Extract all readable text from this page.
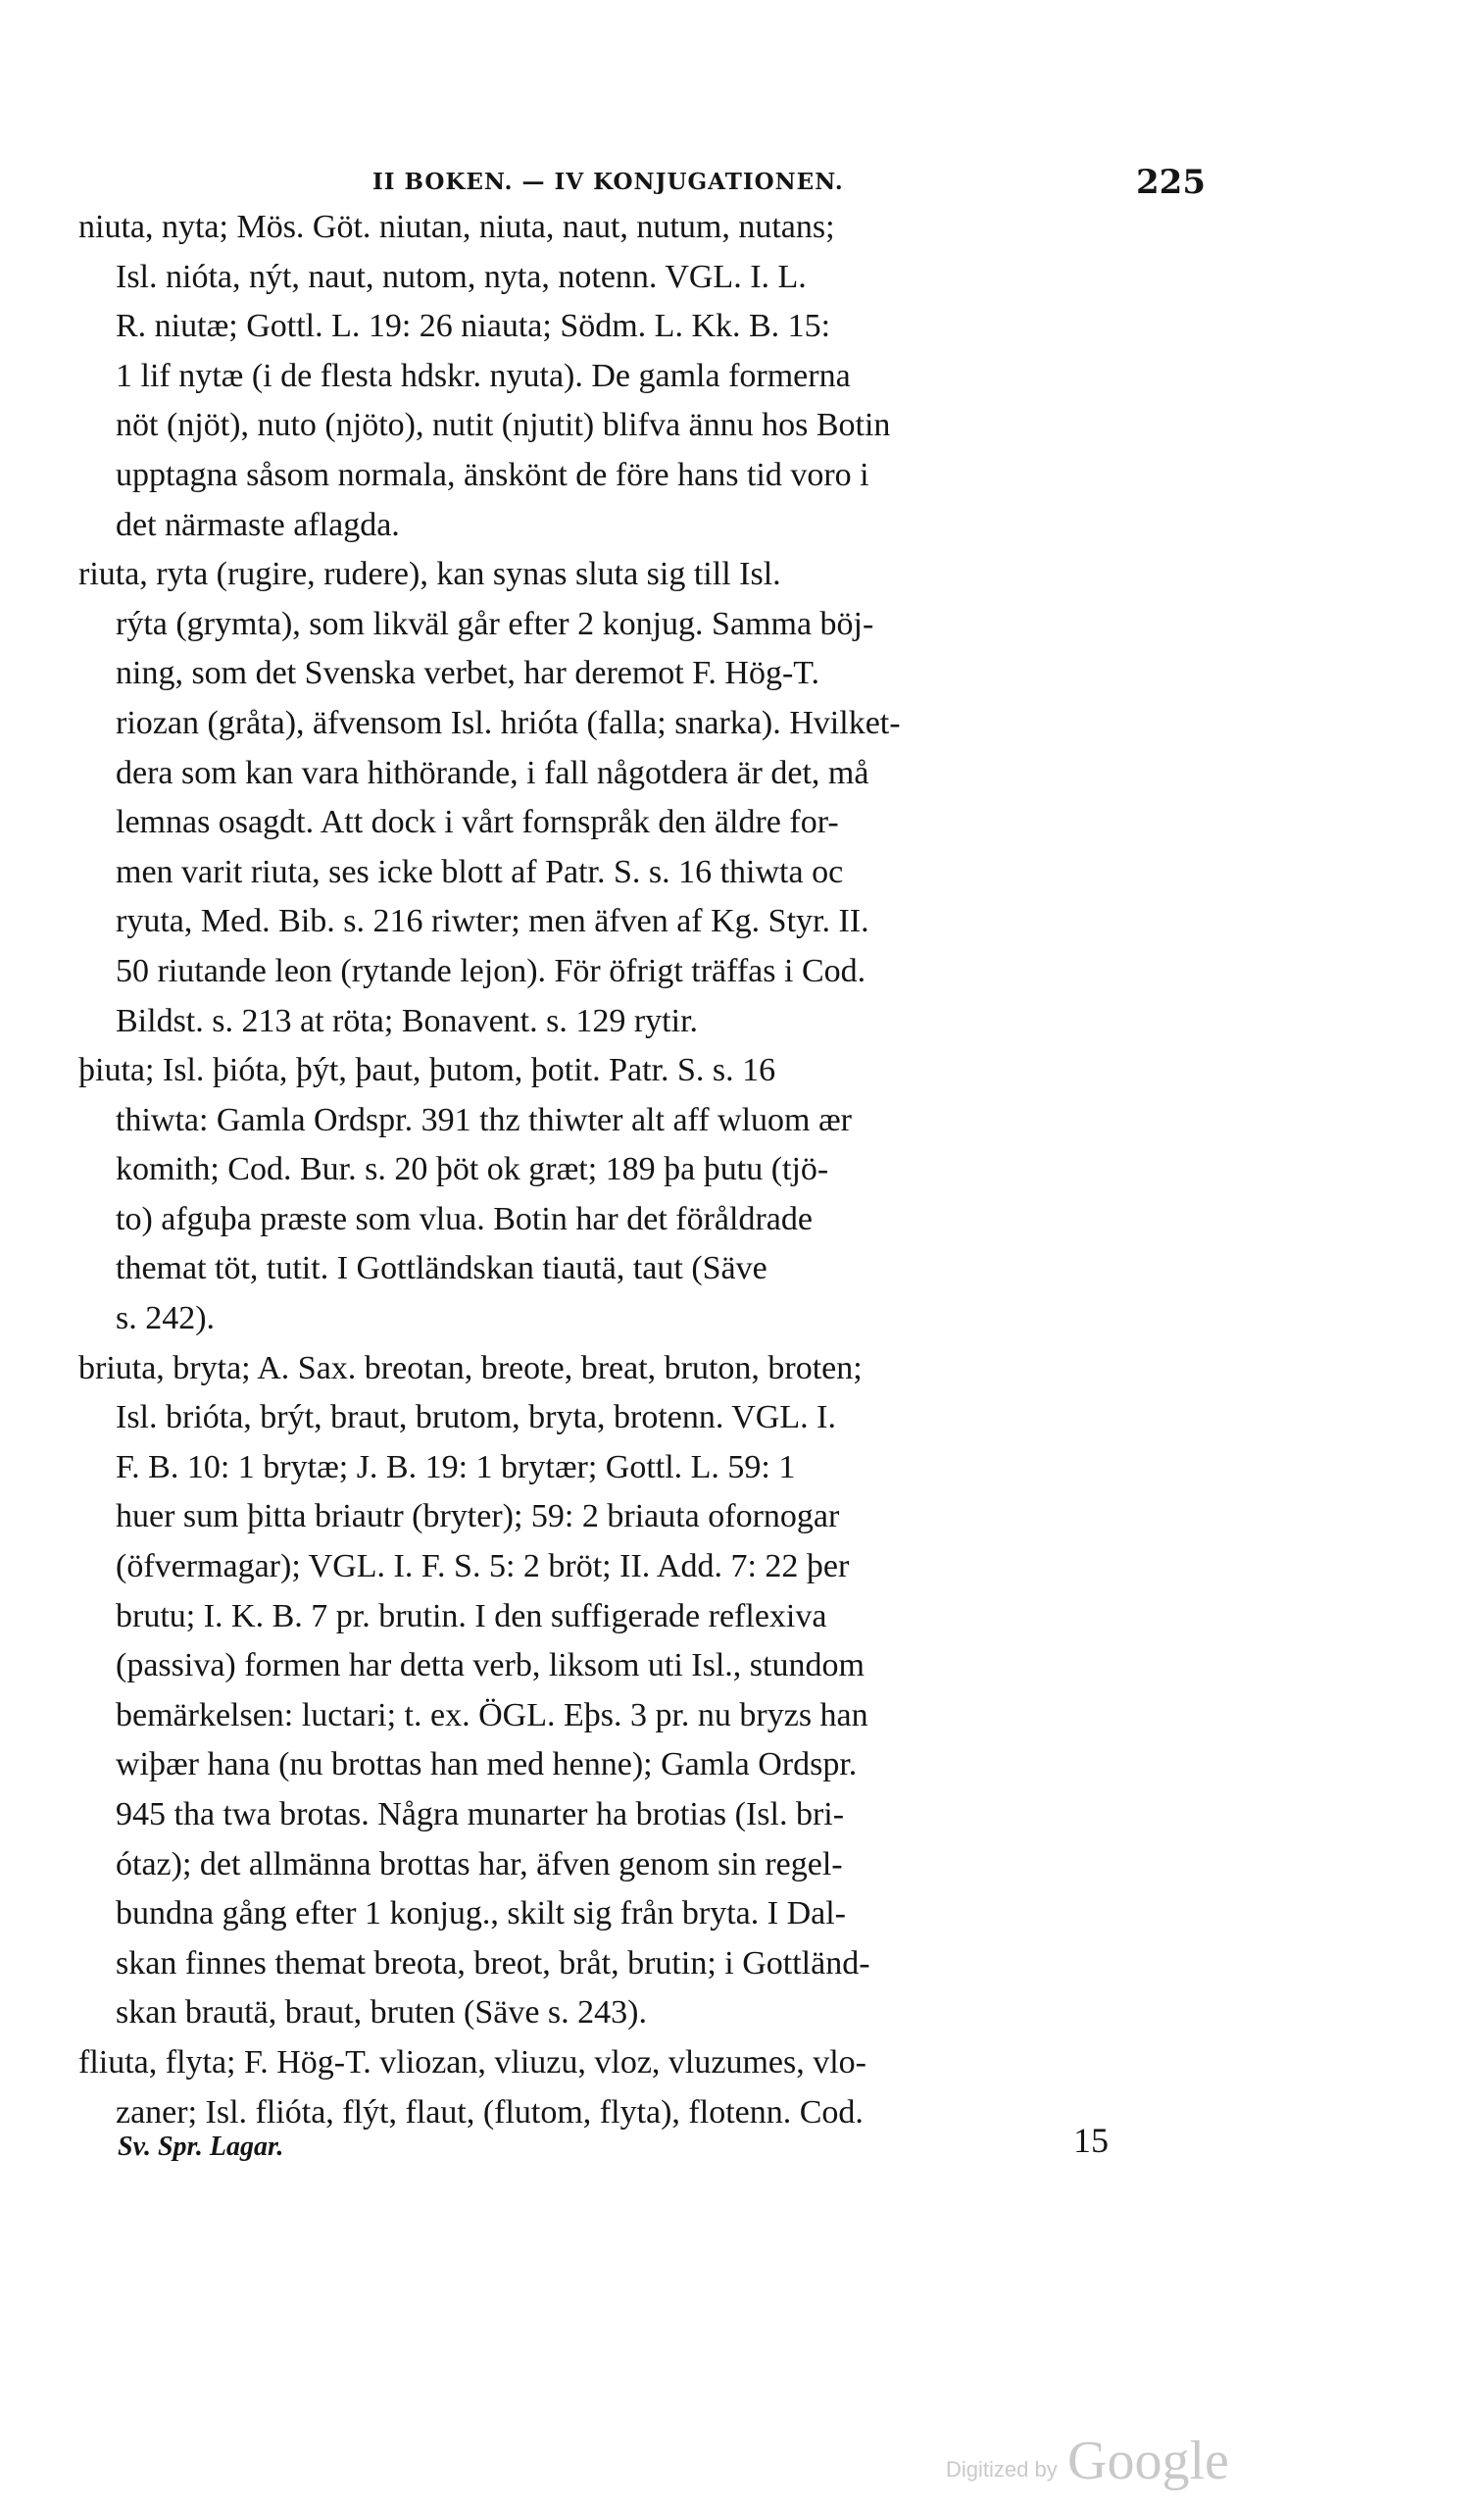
II BOKEN. — IV KONJUGATIONEN.	225
niuta, nyta; Mös. Göt. niutan, niuta, naut, nutum, nutans;
Isl. nióta, nýt, naut, nutom, nyta, notenn. VGL. I. L.
R. niutæ; Gottl. L. 19: 26 niauta; Södm. L. Kk. B. 15:
1 lif nytæ (i de flesta hdskr. nyuta). De gamla formerna
nöt (njöt), nuto (njöto), nutit (njutit) blifva ännu hos Botin
upptagna såsom normala, änskönt de före hans tid voro i
det närmaste aflagda.
riuta, ryta (rugire, rudere), kan synas sluta sig till Isl.
rýta (grymta), som likväl går efter 2 konjug. Samma böj-
ning, som det Svenska verbet, har deremot F. Hög-T.
riozan (gråta), äfvensom Isl. hrióta (falla; snarka). Hvilket-
dera som kan vara hithörande, i fall någotdera är det, må
lemnas osagdt. Att dock i vårt fornspråk den äldre for-
men varit riuta, ses icke blott af Patr. S. s. 16 thiwta oc
ryuta, Med. Bib. s. 216 riwter; men äfven af Kg. Styr. II.
50 riutande leon (rytande lejon). För öfrigt träffas i Cod.
Bildst. s. 213 at röta; Bonavent. s. 129 rytir.
þiuta; Isl. þióta, þýt, þaut, þutom, þotit. Patr. S. s. 16
thiwta: Gamla Ordspr. 391 thz thiwter alt aff wluom ær
komith; Cod. Bur. s. 20 þöt ok græt; 189 þa þutu (tjö-
to) afguþa præste som vlua. Botin har det föråldrade
themat töt, tutit. I Gottländskan tiautä, taut (Säve
s. 242).
briuta, bryta; A. Sax. breotan, breote, breat, bruton, broten;
Isl. brióta, brýt, braut, brutom, bryta, brotenn. VGL. I.
F. B. 10: 1 brytæ; J. B. 19: 1 brytær; Gottl. L. 59: 1
huer sum þitta briautr (bryter); 59: 2 briauta ofornogar
(öfvermagar); VGL. I. F. S. 5: 2 bröt; II. Add. 7: 22 þer
brutu; I. K. B. 7 pr. brutin. I den suffigerade reflexiva
(passiva) formen har detta verb, liksom uti Isl., stundom
bemärkelsen: luctari; t. ex. ÖGL. Eþs. 3 pr. nu bryzs han
wiþær hana (nu brottas han med henne); Gamla Ordspr.
945 tha twa brotas. Några munarter ha brotias (Isl. bri-
ótaz); det allmänna brottas har, äfven genom sin regel-
bundna gång efter 1 konjug., skilt sig från bryta. I Dal-
skan finnes themat breota, breot, bråt, brutin; i Gottländ-
skan brautä, braut, bruten (Säve s. 243).
fliuta, flyta; F. Hög-T. vliozan, vliuzu, vloz, vluzumes, vlo-
zaner; Isl. flióta, flýt, flaut, (flutom, flyta), flotenn. Cod.
Sv. Spr. Lagar.	15
Digitized by Google
